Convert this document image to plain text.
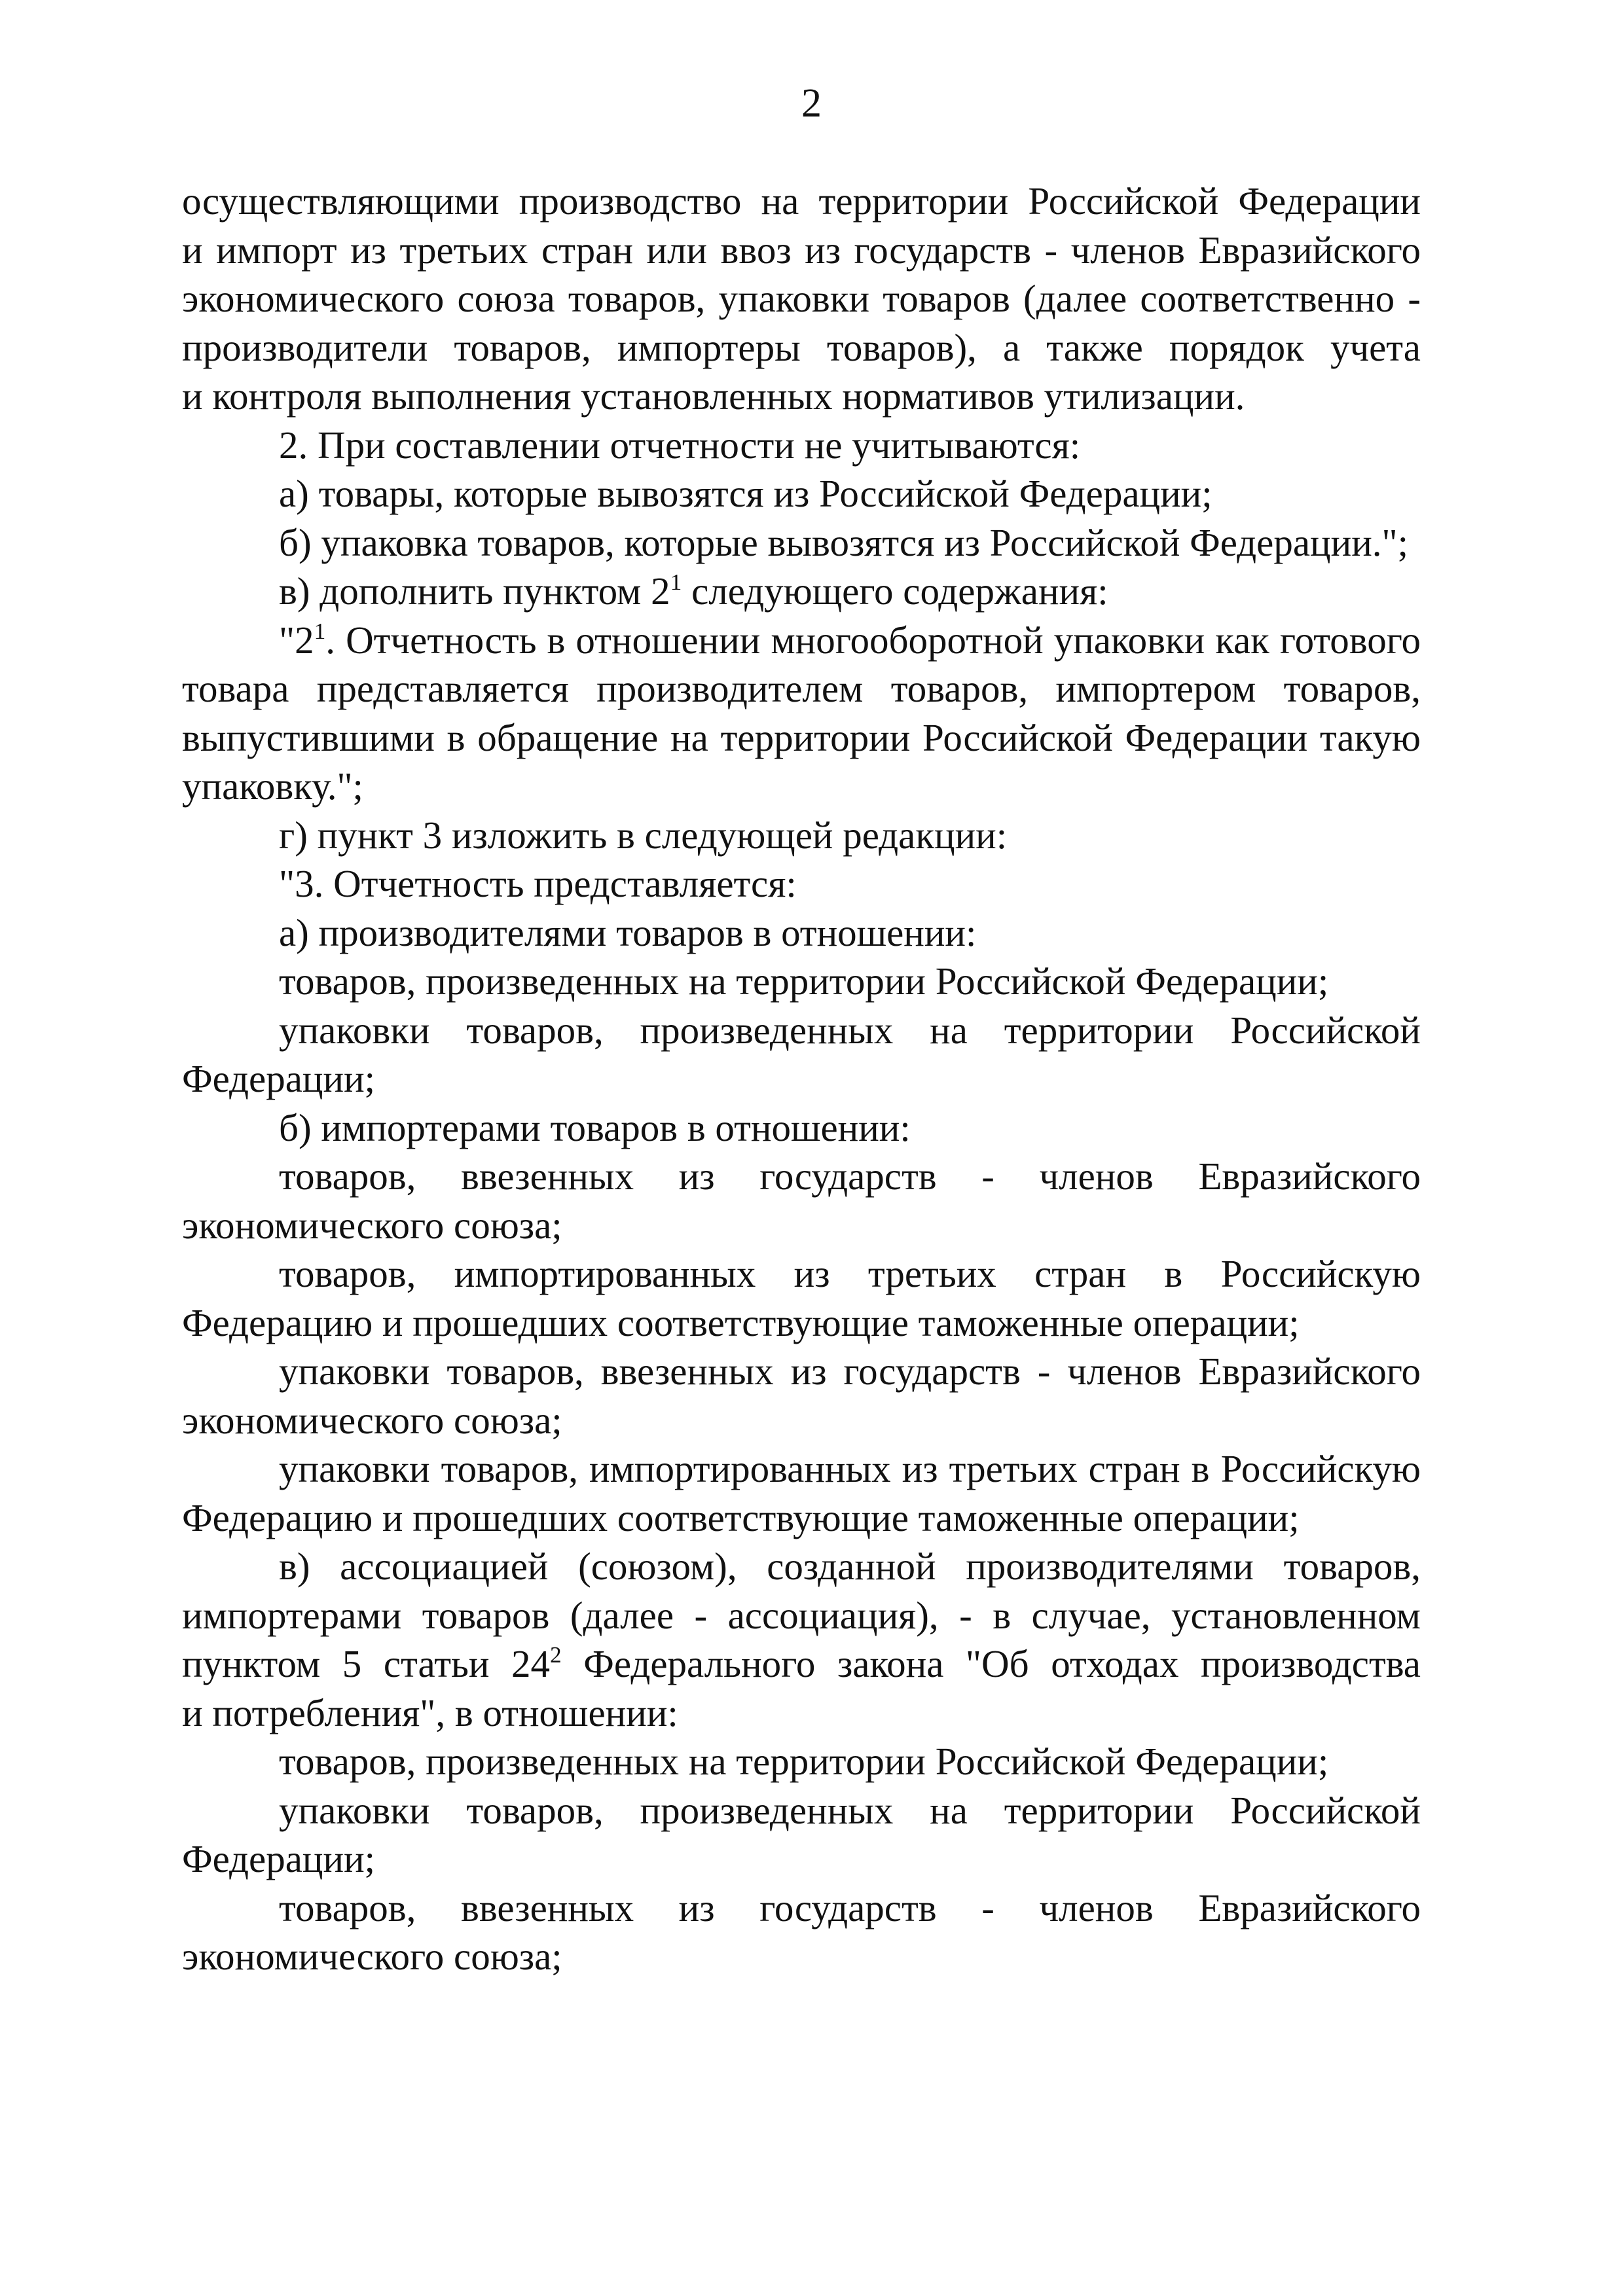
2

осуществляющими производство на территории Российской Федерации

и импорт из третьих стран или ввоз из государств - членов Евразийского

экономического союза товаров, упаковки товаров (далее соответственно -

производители товаров, импортеры товаров), а также порядок учета

и контроля выполнения установленных нормативов утилизации.

2. При составлении отчетности не учитываются:

а) товары, которые вывозятся из Российской Федерации;

б) упаковка товаров, которые вывозятся из Российской Федерации.";

в) дополнить пунктом $2^1$ следующего содержания:

"$2^1$. Отчетность в отношении многооборотной упаковки как готового

товара представляется производителем товаров, импортером товаров,

выпустившими в обращение на территории Российской Федерации такую

упаковку.";

г) пункт 3 изложить в следующей редакции:

"3. Отчетность представляется:

а) производителями товаров в отношении:

товаров, произведенных на территории Российской Федерации;

упаковки товаров, произведенных на территории Российской

Федерации;

б) импортерами товаров в отношении:

товаров, ввезенных из государств - членов Евразийского

экономического союза;

товаров, импортированных из третьих стран в Российскую

Федерацию и прошедших соответствующие таможенные операции;

упаковки товаров, ввезенных из государств - членов Евразийского

экономического союза;

упаковки товаров, импортированных из третьих стран в Российскую

Федерацию и прошедших соответствующие таможенные операции;

в) ассоциацией (союзом), созданной производителями товаров,

импортерами товаров (далее - ассоциация), - в случае, установленном

пунктом 5 статьи $24^2$ Федерального закона "Об отходах производства

и потребления", в отношении:

товаров, произведенных на территории Российской Федерации;

упаковки товаров, произведенных на территории Российской

Федерации;

товаров, ввезенных из государств - членов Евразийского

экономического союза;
